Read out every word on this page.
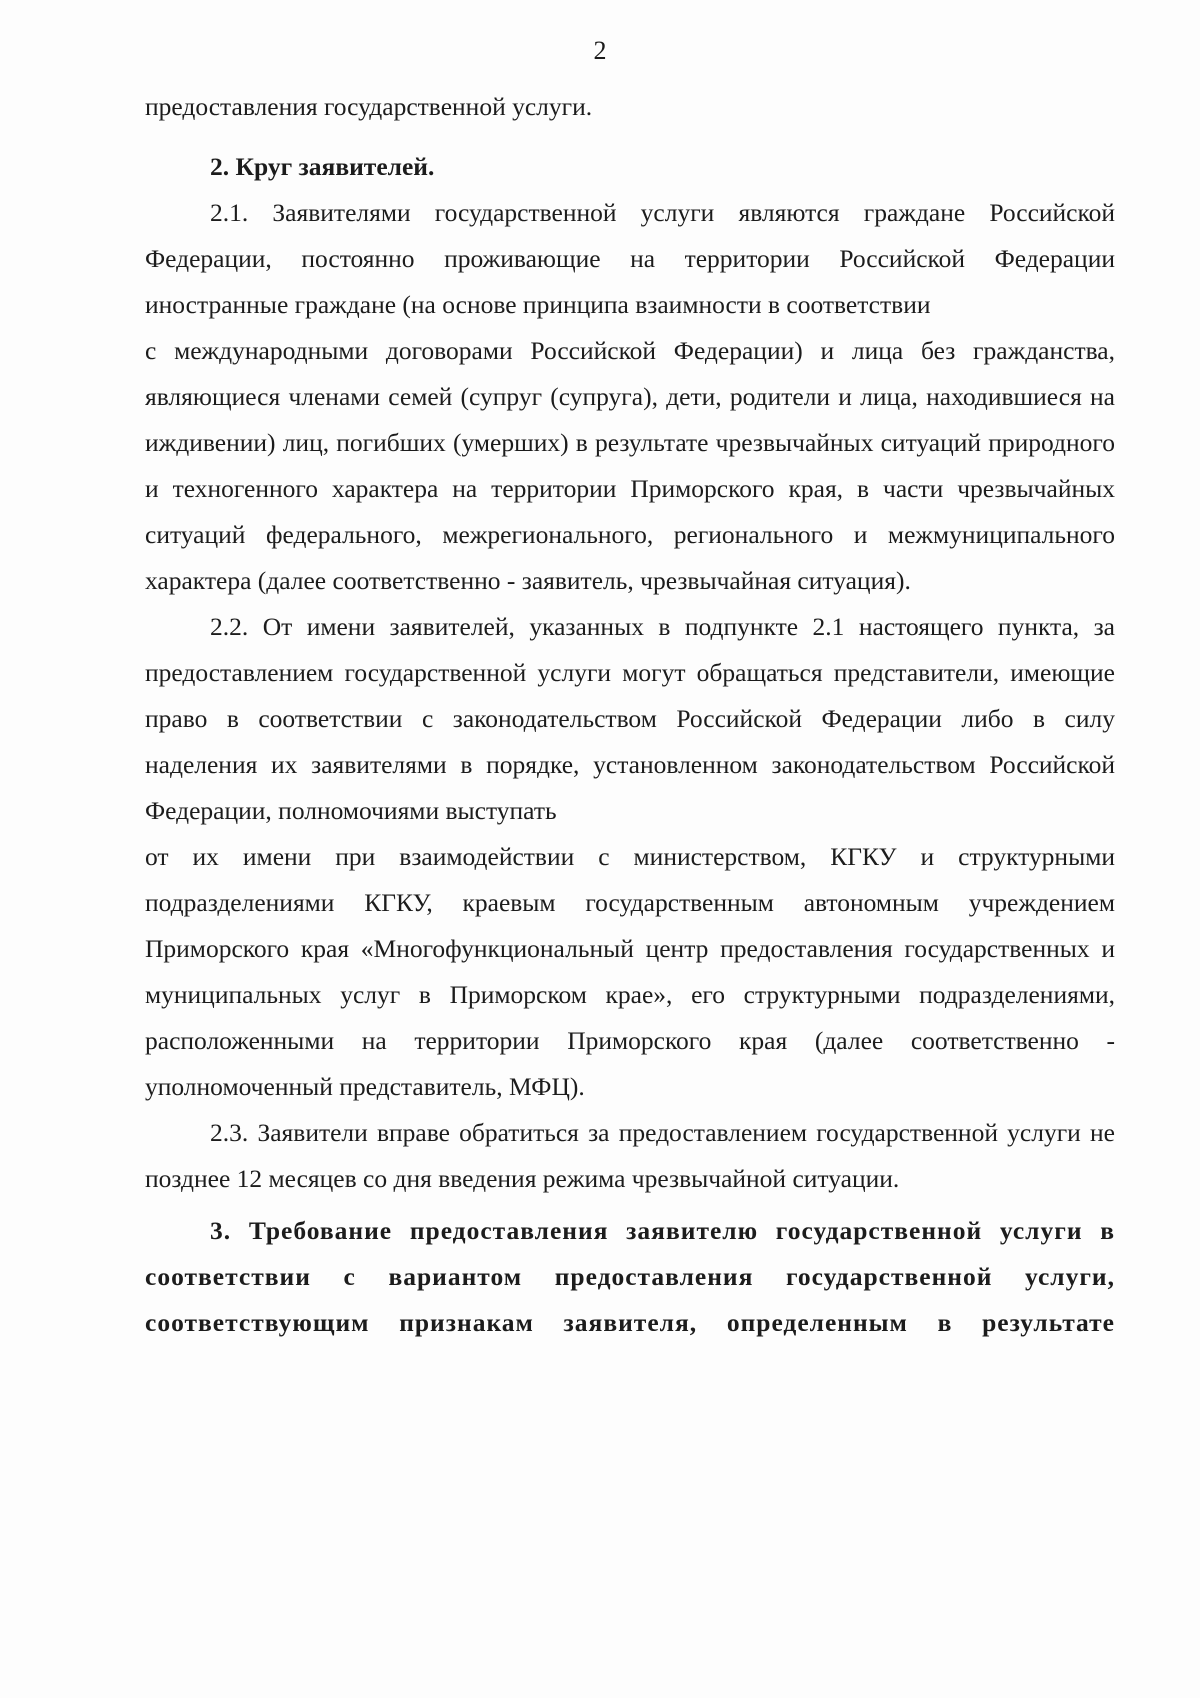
2

предоставления государственной услуги.

2. Круг заявителей.

2.1. Заявителями государственной услуги являются граждане Российской Федерации, постоянно проживающие на территории Российской Федерации иностранные граждане (на основе принципа взаимности в соответствии

с международными договорами Российской Федерации) и лица без гражданства, являющиеся членами семей (супруг (супруга), дети, родители и лица, находившиеся на иждивении) лиц, погибших (умерших) в результате чрезвычайных ситуаций природного и техногенного характера на территории Приморского края, в части чрезвычайных ситуаций федерального, межрегионального, регионального и межмуниципального характера (далее соответственно - заявитель, чрезвычайная ситуация).

2.2. От имени заявителей, указанных в подпункте 2.1 настоящего пункта, за предоставлением государственной услуги могут обращаться представители, имеющие право в соответствии с законодательством Российской Федерации либо в силу наделения их заявителями в порядке, установленном законодательством Российской Федерации, полномочиями выступать

от их имени при взаимодействии с министерством, КГКУ и структурными подразделениями КГКУ, краевым государственным автономным учреждением Приморского края «Многофункциональный центр предоставления государственных и муниципальных услуг в Приморском крае», его структурными подразделениями, расположенными на территории Приморского края (далее соответственно - уполномоченный представитель, МФЦ).

2.3. Заявители вправе обратиться за предоставлением государственной услуги не позднее 12 месяцев со дня введения режима чрезвычайной ситуации.

3. Требование предоставления заявителю государственной услуги в соответствии с вариантом предоставления государственной услуги, соответствующим признакам заявителя, определенным в результате
